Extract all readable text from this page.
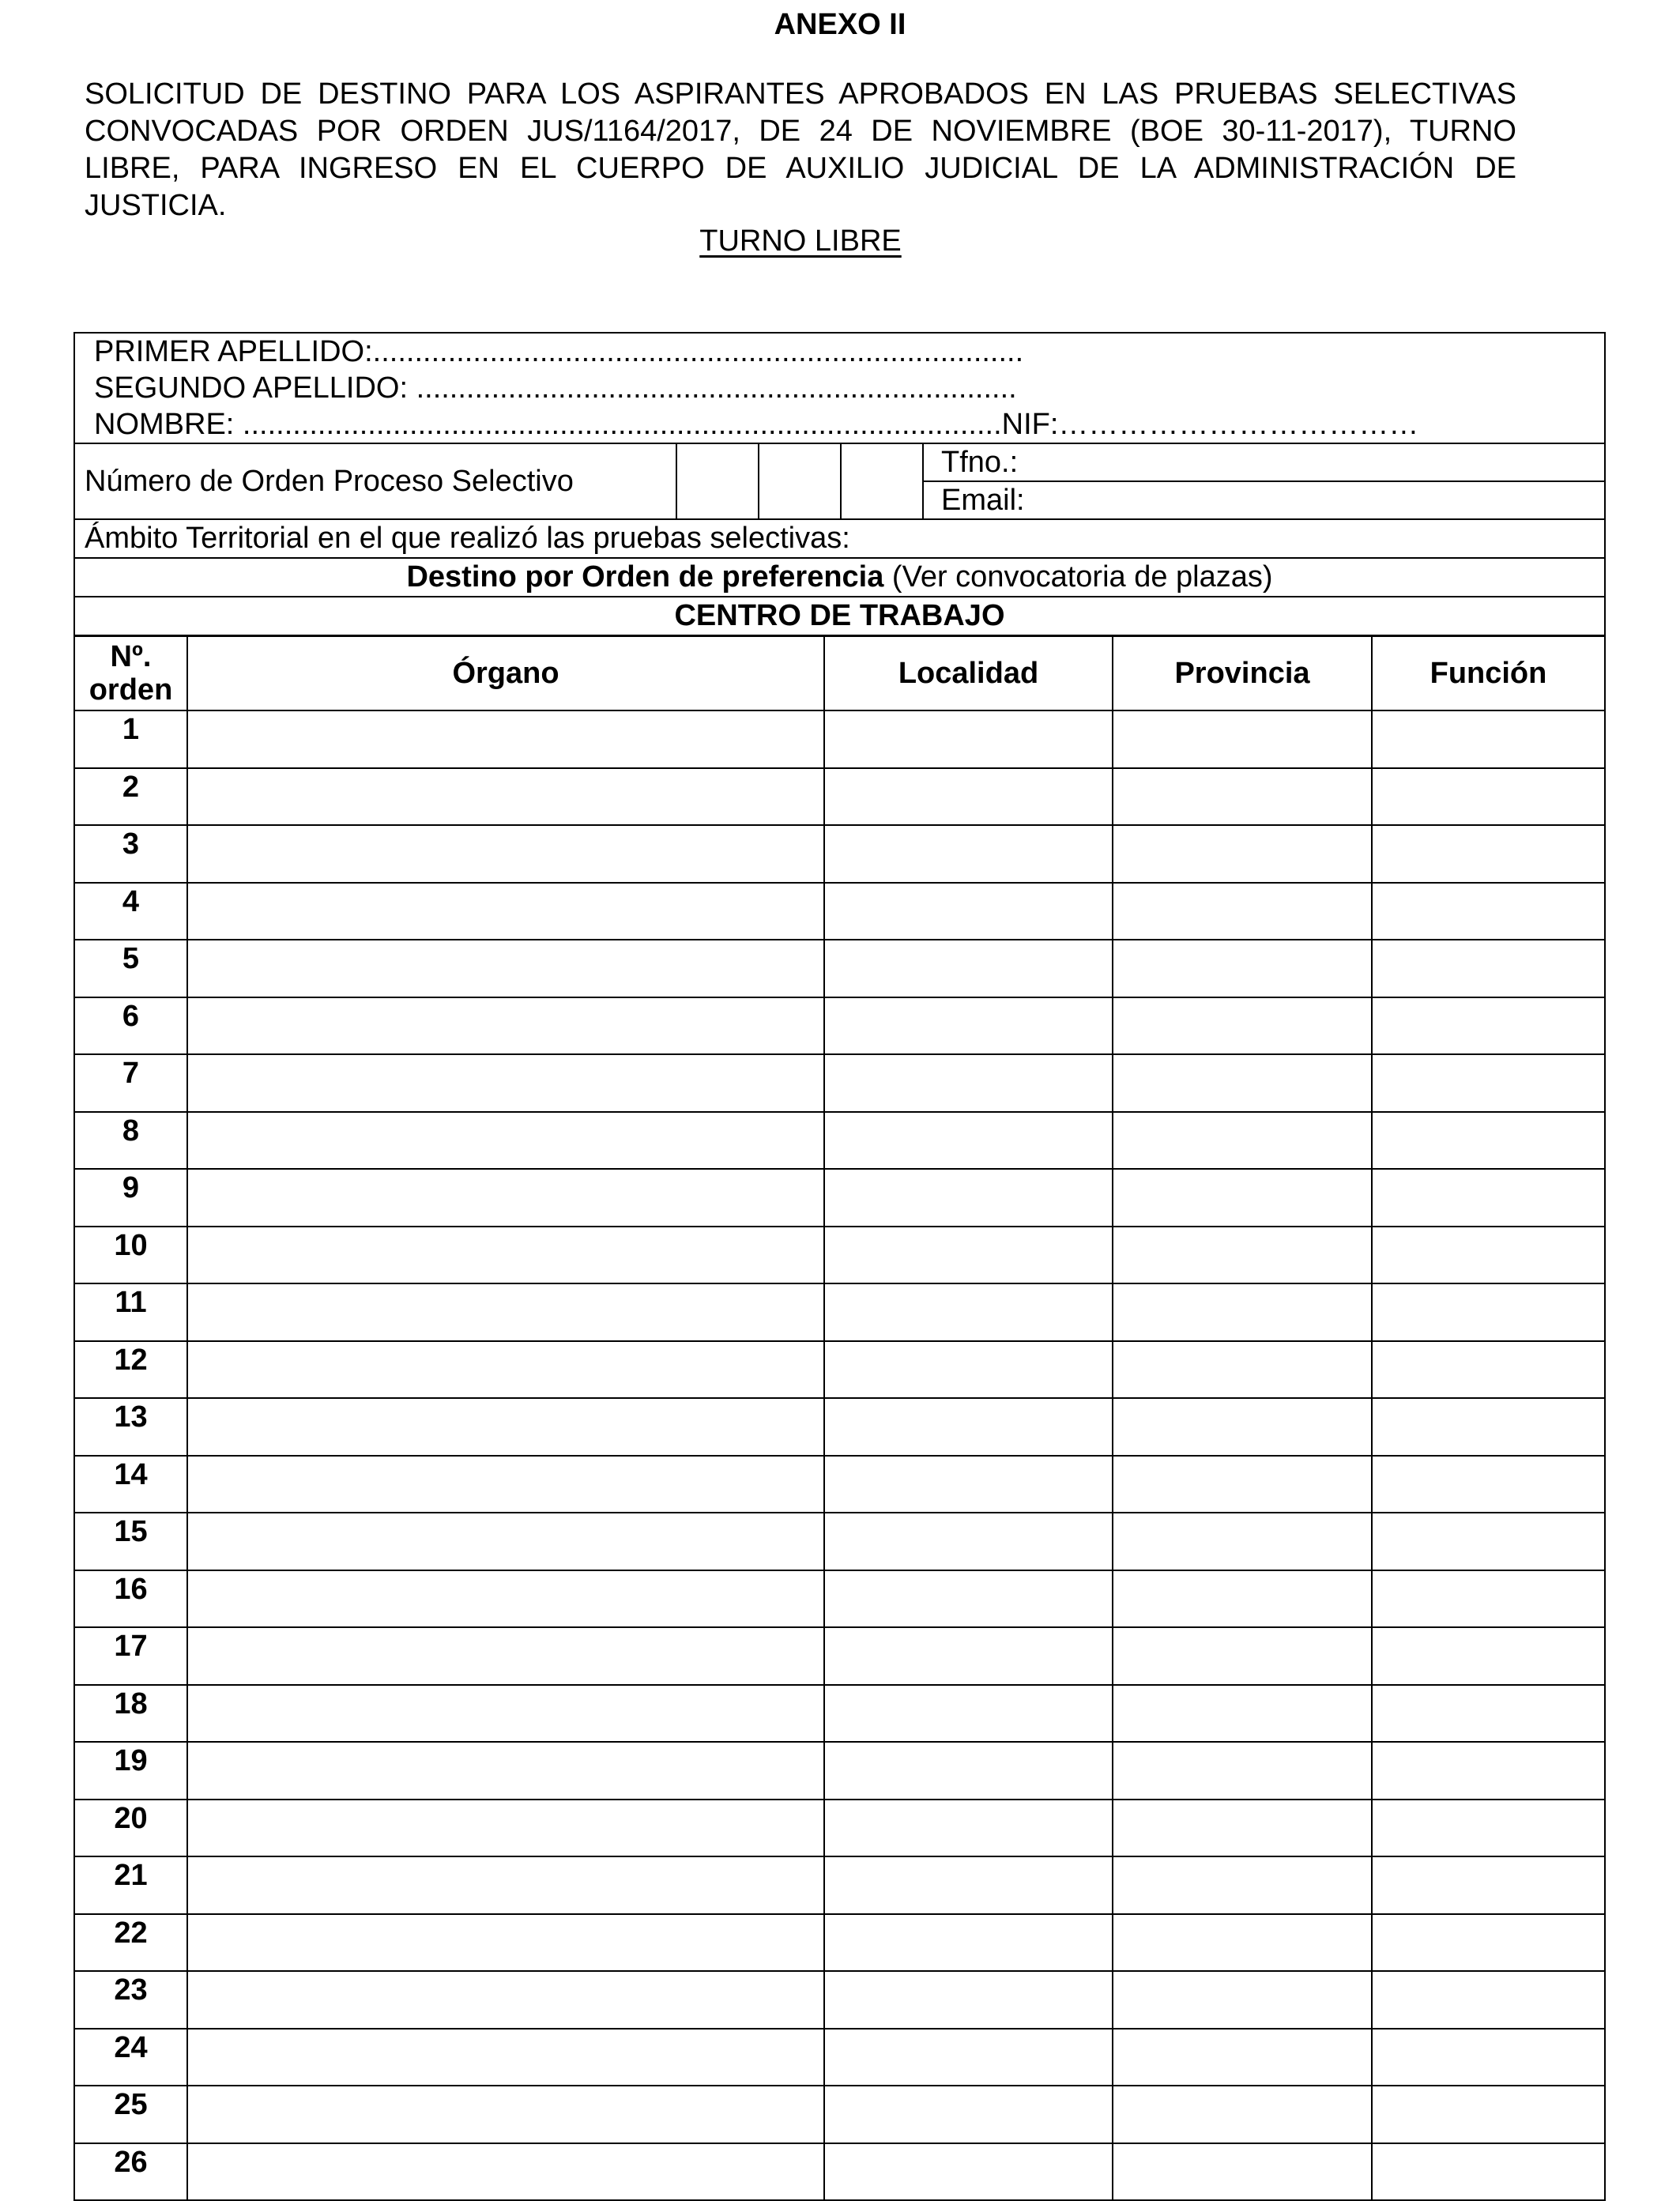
ANEXO II
SOLICITUD DE DESTINO PARA LOS ASPIRANTES APROBADOS EN LAS PRUEBAS SELECTIVAS CONVOCADAS POR ORDEN JUS/1164/2017, DE 24 DE NOVIEMBRE (BOE 30-11-2017), TURNO LIBRE, PARA INGRESO EN EL CUERPO DE AUXILIO JUDICIAL DE LA ADMINISTRACIÓN DE JUSTICIA.
TURNO LIBRE
PRIMER APELLIDO:..............................................................................
SEGUNDO APELLIDO: ........................................................................
NOMBRE: ...........................................................................................NIF:………………………………

Número de Orden Proceso Selectivo				Tfno.:
Email:
Ámbito Territorial en el que realizó las pruebas selectivas:
Destino por Orden de preferencia (Ver convocatoria de plazas)
CENTRO DE TRABAJO
Nº. orden	Órgano	Localidad	Provincia	Función
1				
2				
3				
4				
5				
6				
7				
8				
9				
10				
11				
12				
13				
14				
15				
16				
17				
18				
19				
20				
21				
22				
23				
24				
25				
26				
